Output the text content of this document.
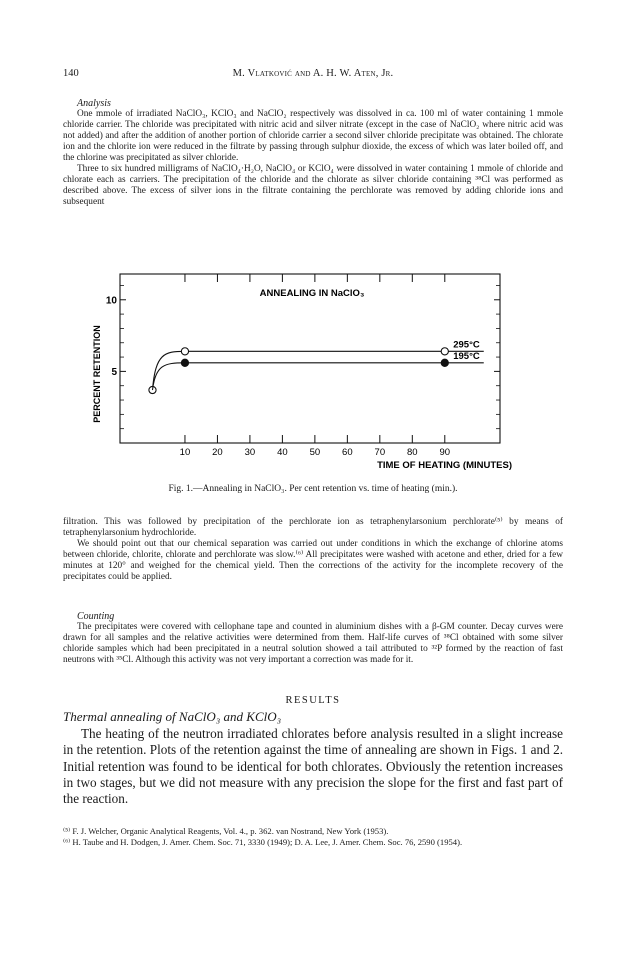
140	M. Vlatković and A. H. W. Aten, Jr.

Analysis

One mmole of irradiated NaClO₃, KClO₃ and NaClO₂ respectively was dissolved in ca. 100 ml of water containing 1 mmole chloride carrier. The chloride was precipitated with nitric acid and silver nitrate (except in the case of NaClO₂ where nitric acid was not added) and after the addition of another portion of chloride carrier a second silver chloride precipitate was obtained. The chlorate ion and the chlorite ion were reduced in the filtrate by passing through sulphur dioxide, the excess of which was later boiled off, and the chlorine was precipitated as silver chloride.

Three to six hundred milligrams of NaClO₄·H₂O, NaClO₄ or KClO₄ were dissolved in water containing 1 mmole of chloride and chlorate each as carriers. The precipitation of the chloride and the chlorate as silver chloride containing ³⁸Cl was performed as described above. The excess of silver ions in the filtrate containing the perchlorate was removed by adding chloride ions and subsequent

10 20 30 40 50 60 70 80 90
5
10
295°C
195°C
ANNEALING IN NaClO₃
TIME OF HEATING (MINUTES)
PERCENT RETENTION
Fig. 1.—Annealing in NaClO₃. Per cent retention vs. time of heating (min.).

filtration. This was followed by precipitation of the perchlorate ion as tetraphenylarsonium perchlorate⁽⁵⁾ by means of tetraphenylarsonium hydrochloride.

We should point out that our chemical separation was carried out under conditions in which the exchange of chlorine atoms between chloride, chlorite, chlorate and perchlorate was slow.⁽⁶⁾ All precipitates were washed with acetone and ether, dried for a few minutes at 120° and weighed for the chemical yield. Then the corrections of the activity for the incomplete recovery of the precipitates could be applied.

Counting

The precipitates were covered with cellophane tape and counted in aluminium dishes with a β-GM counter. Decay curves were drawn for all samples and the relative activities were determined from them. Half-life curves of ³⁸Cl obtained with some silver chloride samples which had been precipitated in a neutral solution showed a tail attributed to ³²P formed by the reaction of fast neutrons with ³⁵Cl. Although this activity was not very important a correction was made for it.

RESULTS

Thermal annealing of NaClO₃ and KClO₃

The heating of the neutron irradiated chlorates before analysis resulted in a slight increase in the retention. Plots of the retention against the time of annealing are shown in Figs. 1 and 2. Initial retention was found to be identical for both chlorates. Obviously the retention increases in two stages, but we did not measure with any precision the slope for the first and fast part of the reaction.

⁽⁵⁾ F. J. Welcher, Organic Analytical Reagents, Vol. 4., p. 362. van Nostrand, New York (1953).

⁽⁶⁾ H. Taube and H. Dodgen, J. Amer. Chem. Soc. 71, 3330 (1949); D. A. Lee, J. Amer. Chem. Soc. 76, 2590 (1954).
